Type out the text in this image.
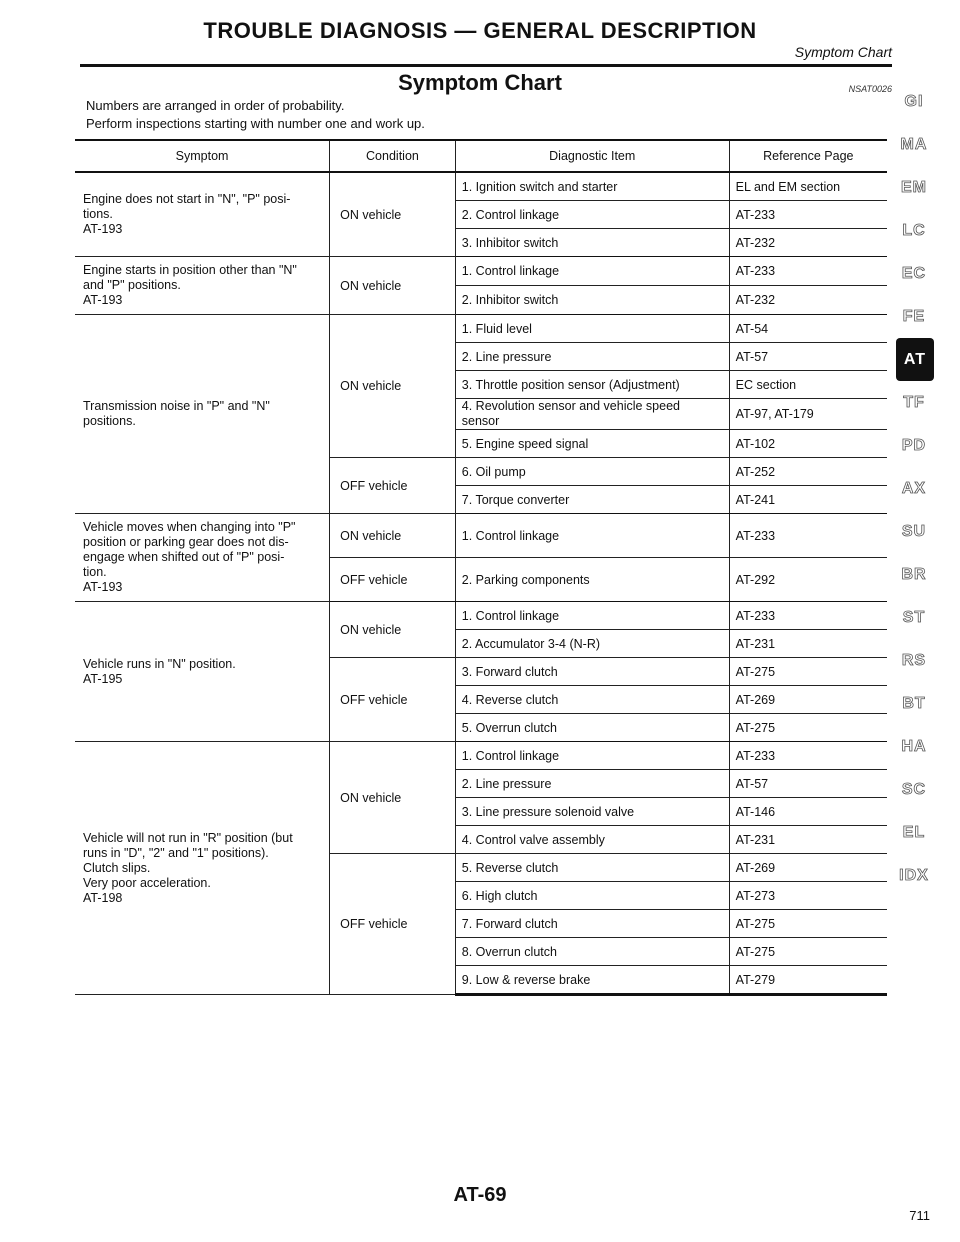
TROUBLE DIAGNOSIS — GENERAL DESCRIPTION
Symptom Chart
Symptom Chart	NSAT0026
Numbers are arranged in order of probability.
Perform inspections starting with number one and work up.
Symptom	Condition	Diagnostic Item	Reference Page
Engine does not start in "N", "P" posi-
tions.
AT-193	ON vehicle	1. Ignition switch and starter	EL and EM section
		2. Control linkage	AT-233
		3. Inhibitor switch	AT-232
Engine starts in position other than "N"
and "P" positions.
AT-193	ON vehicle	1. Control linkage	AT-233
		2. Inhibitor switch	AT-232
Transmission noise in "P" and "N"
positions.	ON vehicle	1. Fluid level	AT-54
		2. Line pressure	AT-57
		3. Throttle position sensor (Adjustment)	EC section
		4. Revolution sensor and vehicle speed
sensor	AT-97, AT-179
		5. Engine speed signal	AT-102
	OFF vehicle	6. Oil pump	AT-252
		7. Torque converter	AT-241
Vehicle moves when changing into "P"
position or parking gear does not dis-
engage when shifted out of "P" posi-
tion.
AT-193	ON vehicle	1. Control linkage	AT-233
	OFF vehicle	2. Parking components	AT-292
Vehicle runs in "N" position.
AT-195	ON vehicle	1. Control linkage	AT-233
		2. Accumulator 3-4 (N-R)	AT-231
	OFF vehicle	3. Forward clutch	AT-275
		4. Reverse clutch	AT-269
		5. Overrun clutch	AT-275
Vehicle will not run in "R" position (but
runs in "D", "2" and "1" positions).
Clutch slips.
Very poor acceleration.
AT-198	ON vehicle	1. Control linkage	AT-233
		2. Line pressure	AT-57
		3. Line pressure solenoid valve	AT-146
		4. Control valve assembly	AT-231
	OFF vehicle	5. Reverse clutch	AT-269
		6. High clutch	AT-273
		7. Forward clutch	AT-275
		8. Overrun clutch	AT-275
		9. Low & reverse brake	AT-279
GI
MA
EM
LC
EC
FE
AT
TF
PD
AX
SU
BR
ST
RS
BT
HA
SC
EL
IDX
AT-69
711
